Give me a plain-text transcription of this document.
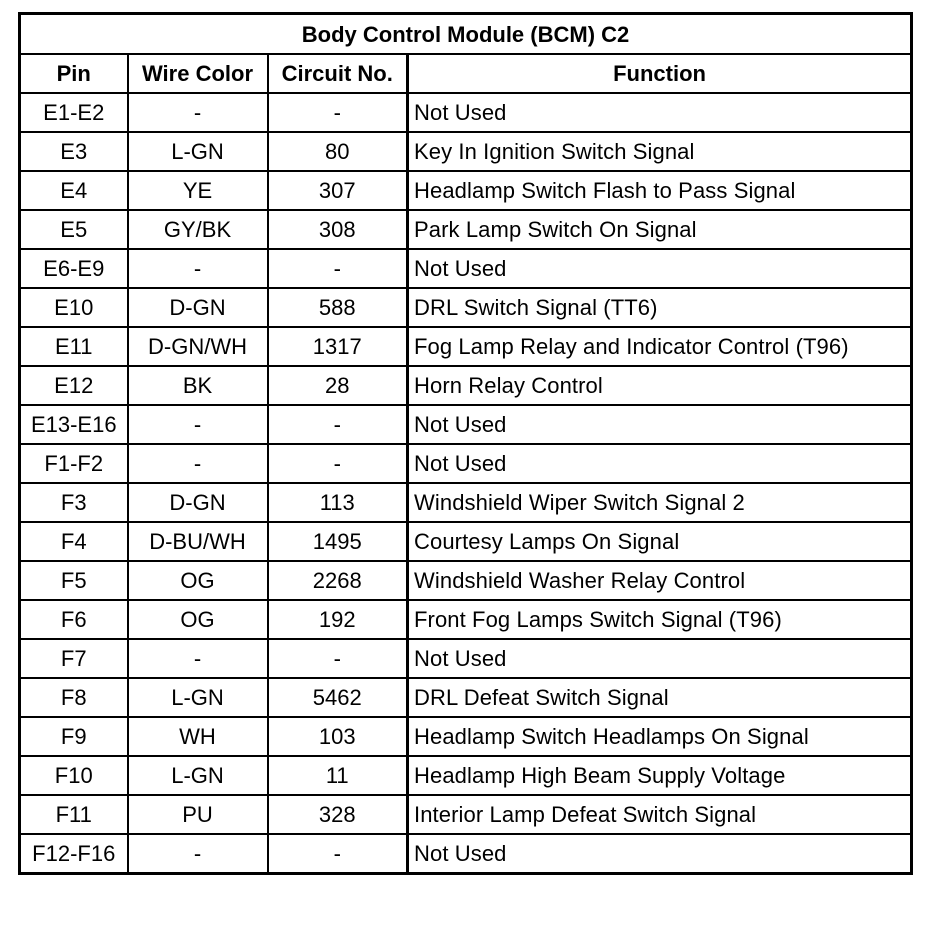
Body Control Module (BCM) C2			
Pin	Wire Color	Circuit No.	Function
E1-E2	-	-	Not Used
E3	L-GN	80	Key In Ignition Switch Signal
E4	YE	307	Headlamp Switch Flash to Pass Signal
E5	GY/BK	308	Park Lamp Switch On Signal
E6-E9	-	-	Not Used
E10	D-GN	588	DRL Switch Signal (TT6)
E11	D-GN/WH	1317	Fog Lamp Relay and Indicator Control (T96)
E12	BK	28	Horn Relay Control
E13-E16	-	-	Not Used
F1-F2	-	-	Not Used
F3	D-GN	113	Windshield Wiper Switch Signal 2
F4	D-BU/WH	1495	Courtesy Lamps On Signal
F5	OG	2268	Windshield Washer Relay Control
F6	OG	192	Front Fog Lamps Switch Signal (T96)
F7	-	-	Not Used
F8	L-GN	5462	DRL Defeat Switch Signal
F9	WH	103	Headlamp Switch Headlamps On Signal
F10	L-GN	11	Headlamp High Beam Supply Voltage
F11	PU	328	Interior Lamp Defeat Switch Signal
F12-F16	-	-	Not Used
